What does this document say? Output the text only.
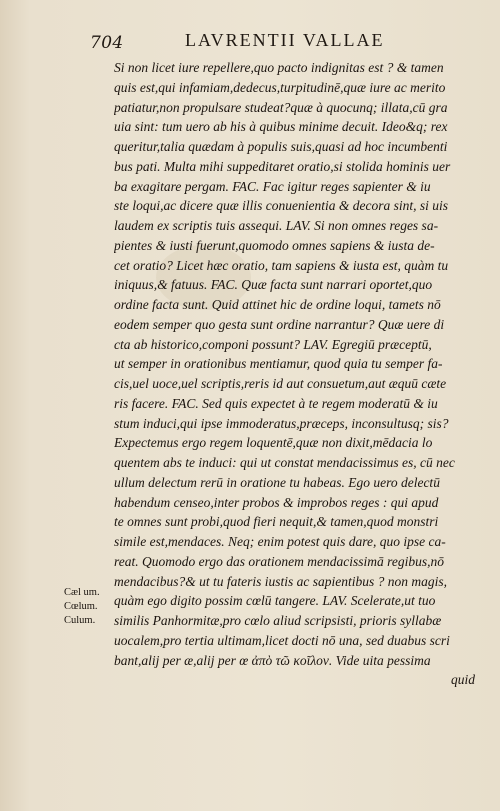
704	LAVRENTII VALLAE
Si non licet iure repellere,quo pacto indignitas est ? & tamen
quis est,qui infamiam,dedecus,turpitudinē,quæ iure ac merito
patiatur,non propulsare studeat?quæ à quocunq; illata,cū gra
uia sint: tum uero ab his à quibus minime decuit. Ideo&q; rex
queritur,talia quædam à populis suis,quasi ad hoc incumbenti
bus pati. Multa mihi suppeditaret oratio,si stolida hominis uer
ba exagitare pergam. FAC. Fac igitur reges sapienter & iu
ste loqui,ac dicere quæ illis conuenientia & decora sint, si uis
laudem ex scriptis tuis assequi. LAV. Si non omnes reges sa-
pientes & iusti fuerunt,quomodo omnes sapiens & iusta de-
cet oratio? Licet hæc oratio, tam sapiens & iusta est, quàm tu
iniquus,& fatuus. FAC. Quæ facta sunt narrari oportet,quo
ordine facta sunt. Quid attinet hic de ordine loqui, tamets nō
eodem semper quo gesta sunt ordine narrantur? Quæ uere di
cta ab historico,componi possunt? LAV. Egregiū præceptū,
ut semper in orationibus mentiamur, quod quia tu semper fa-
cis,uel uoce,uel scriptis,reris id aut consuetum,aut æquū cæte
ris facere. FAC. Sed quis expectet à te regem moderatū & iu
stum induci,qui ipse immoderatus,præceps, inconsultusq; sis?
Expectemus ergo regem loquentē,quæ non dixit,mēdacia lo
quentem abs te induci: qui ut constat mendacissimus es, cū nec
ullum delectum rerū in oratione tu habeas. Ego uero delectū
habendum censeo,inter probos & improbos reges : qui apud
te omnes sunt probi,quod fieri nequit,& tamen,quod monstri
simile est,mendaces. Neq; enim potest quis dare, quo ipse ca-
reat. Quomodo ergo das orationem mendacissimā regibus,nō
mendacibus?& ut tu fateris iustis ac sapientibus ? non magis,
quàm ego digito possim cœlū tangere. LAV. Scelerate,ut tuo
similis Panhormitæ,pro cœlo aliud scripsisti, prioris syllabæ
uocalem,pro tertia ultimam,licet docti nō una, sed duabus scri
bant,alij per æ,alij per œ ἀπὸ τῶ κοῖλον. Vide uita pessima
quid
Cæl um.
Cœlum.
Culum.
